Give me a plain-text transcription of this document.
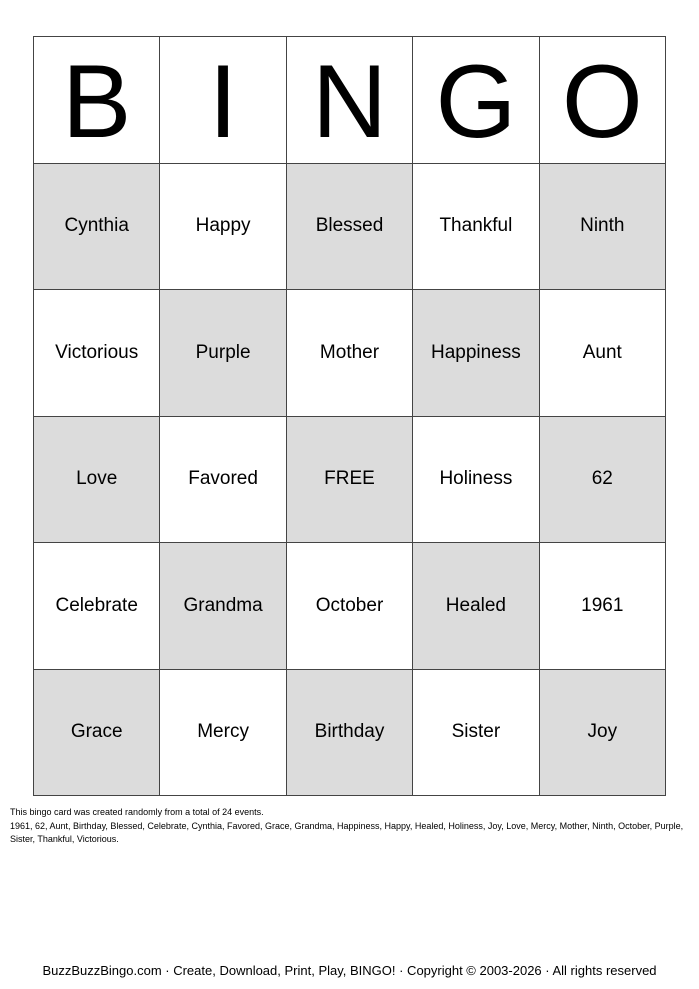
B I N G O
Cynthia	Happy	Blessed	Thankful	Ninth
Victorious	Purple	Mother	Happiness	Aunt
Love	Favored	FREE	Holiness	62
Celebrate	Grandma	October	Healed	1961
Grace	Mercy	Birthday	Sister	Joy
This bingo card was created randomly from a total of 24 events.
1961, 62, Aunt, Birthday, Blessed, Celebrate, Cynthia, Favored, Grace, Grandma, Happiness, Happy, Healed, Holiness, Joy, Love, Mercy, Mother, Ninth, October, Purple, Sister, Thankful, Victorious.
BuzzBuzzBingo.com · Create, Download, Print, Play, BINGO! · Copyright © 2003-2026 · All rights reserved
